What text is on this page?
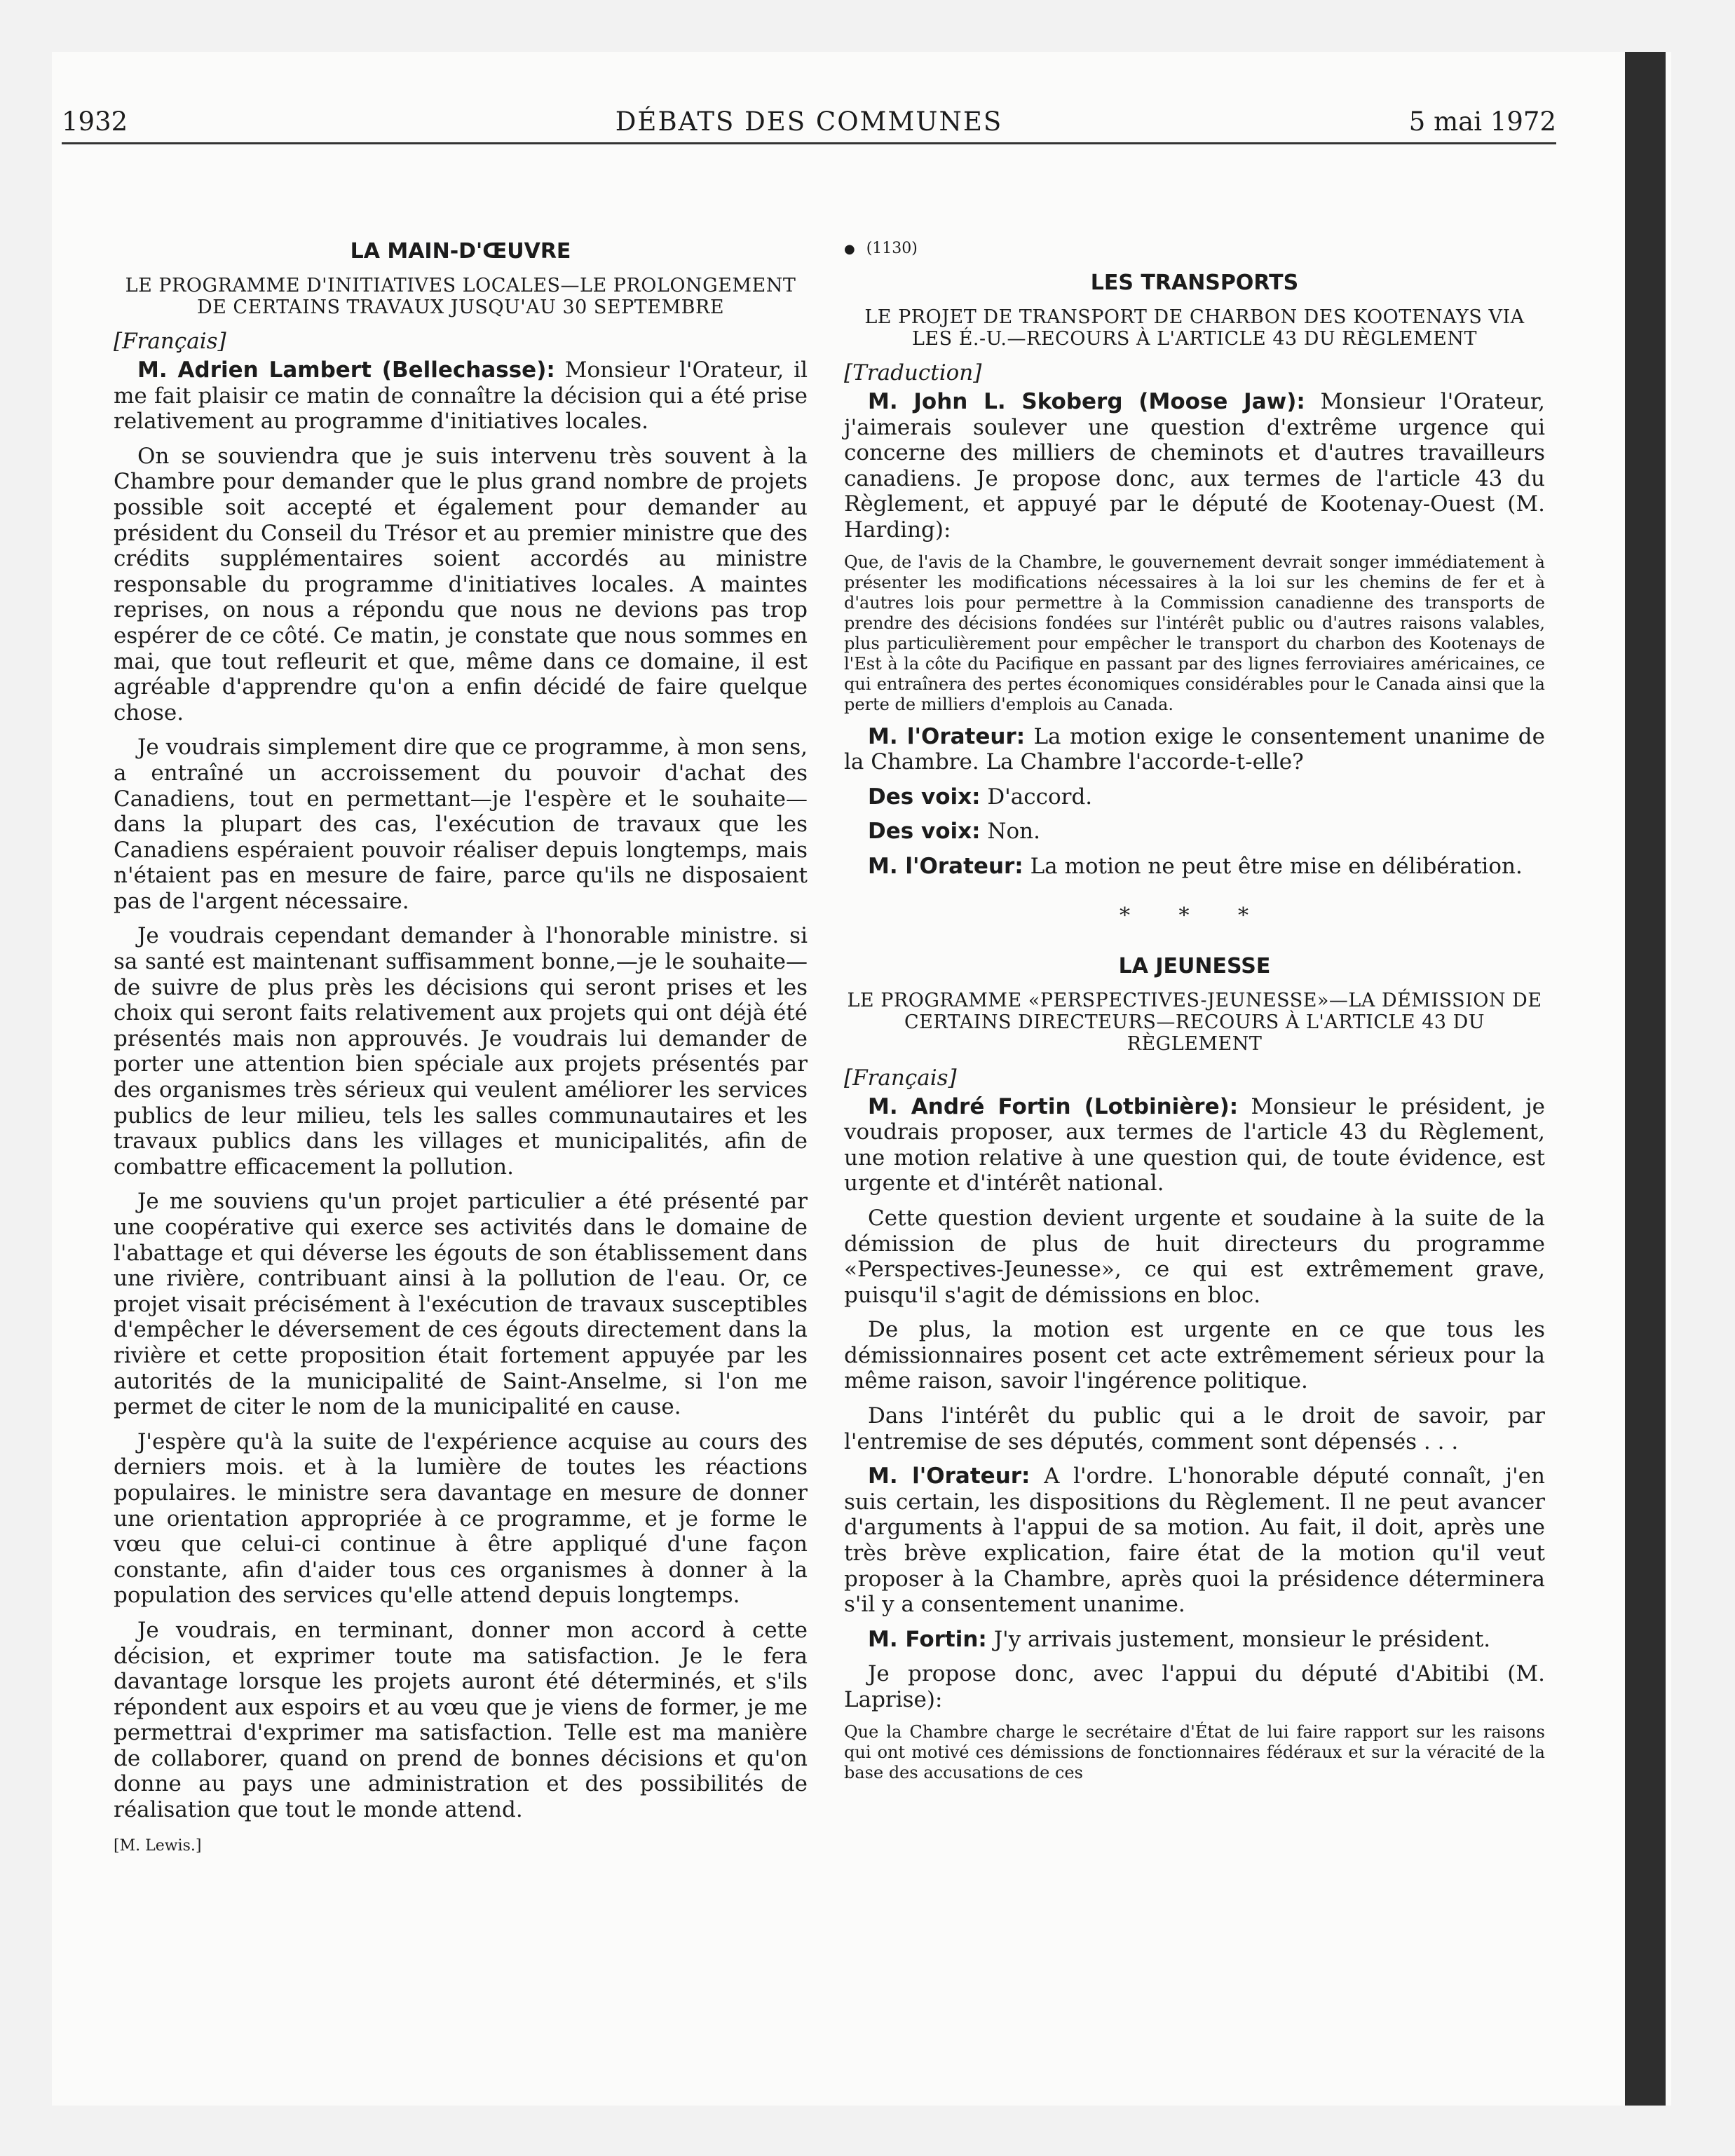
1932	DÉBATS DES COMMUNES	5 mai 1972
LA MAIN-D'ŒUVRE
LE PROGRAMME D'INITIATIVES LOCALES—LE PROLONGEMENT DE CERTAINS TRAVAUX JUSQU'AU 30 SEPTEMBRE
[Français]

M. Adrien Lambert (Bellechasse): Monsieur l'Orateur, il me fait plaisir ce matin de connaître la décision qui a été prise relativement au programme d'initiatives locales.

On se souviendra que je suis intervenu très souvent à la Chambre pour demander que le plus grand nombre de projets possible soit accepté et également pour demander au président du Conseil du Trésor et au premier ministre que des crédits supplémentaires soient accordés au ministre responsable du programme d'initiatives locales. A maintes reprises, on nous a répondu que nous ne devions pas trop espérer de ce côté. Ce matin, je constate que nous sommes en mai, que tout refleurit et que, même dans ce domaine, il est agréable d'apprendre qu'on a enfin décidé de faire quelque chose.

Je voudrais simplement dire que ce programme, à mon sens, a entraîné un accroissement du pouvoir d'achat des Canadiens, tout en permettant—je l'espère et le souhaite—dans la plupart des cas, l'exécution de travaux que les Canadiens espéraient pouvoir réaliser depuis longtemps, mais n'étaient pas en mesure de faire, parce qu'ils ne disposaient pas de l'argent nécessaire.

Je voudrais cependant demander à l'honorable ministre. si sa santé est maintenant suffisamment bonne,—je le souhaite—de suivre de plus près les décisions qui seront prises et les choix qui seront faits relativement aux projets qui ont déjà été présentés mais non approuvés. Je voudrais lui demander de porter une attention bien spéciale aux projets présentés par des organismes très sérieux qui veulent améliorer les services publics de leur milieu, tels les salles communautaires et les travaux publics dans les villages et municipalités, afin de combattre efficacement la pollution.

Je me souviens qu'un projet particulier a été présenté par une coopérative qui exerce ses activités dans le domaine de l'abattage et qui déverse les égouts de son établissement dans une rivière, contribuant ainsi à la pollution de l'eau. Or, ce projet visait précisément à l'exécution de travaux susceptibles d'empêcher le déversement de ces égouts directement dans la rivière et cette proposition était fortement appuyée par les autorités de la municipalité de Saint-Anselme, si l'on me permet de citer le nom de la municipalité en cause.

J'espère qu'à la suite de l'expérience acquise au cours des derniers mois. et à la lumière de toutes les réactions populaires. le ministre sera davantage en mesure de donner une orientation appropriée à ce programme, et je forme le vœu que celui-ci continue à être appliqué d'une façon constante, afin d'aider tous ces organismes à donner à la population des services qu'elle attend depuis longtemps.

Je voudrais, en terminant, donner mon accord à cette décision, et exprimer toute ma satisfaction. Je le fera davantage lorsque les projets auront été déterminés, et s'ils répondent aux espoirs et au vœu que je viens de former, je me permettrai d'exprimer ma satisfaction. Telle est ma manière de collaborer, quand on prend de bonnes décisions et qu'on donne au pays une administration et des possibilités de réalisation que tout le monde attend.

[M. Lewis.]

● (1130)
LES TRANSPORTS
LE PROJET DE TRANSPORT DE CHARBON DES KOOTENAYS VIA LES É.-U.—RECOURS À L'ARTICLE 43 DU RÈGLEMENT
[Traduction]

M. John L. Skoberg (Moose Jaw): Monsieur l'Orateur, j'aimerais soulever une question d'extrême urgence qui concerne des milliers de cheminots et d'autres travailleurs canadiens. Je propose donc, aux termes de l'article 43 du Règlement, et appuyé par le député de Kootenay-Ouest (M. Harding):

Que, de l'avis de la Chambre, le gouvernement devrait songer immédiatement à présenter les modifications nécessaires à la loi sur les chemins de fer et à d'autres lois pour permettre à la Commission canadienne des transports de prendre des décisions fondées sur l'intérêt public ou d'autres raisons valables, plus particulièrement pour empêcher le transport du charbon des Kootenays de l'Est à la côte du Pacifique en passant par des lignes ferroviaires américaines, ce qui entraînera des pertes économiques considérables pour le Canada ainsi que la perte de milliers d'emplois au Canada.

M. l'Orateur: La motion exige le consentement unanime de la Chambre. La Chambre l'accorde-t-elle?

Des voix: D'accord.

Des voix: Non.

M. l'Orateur: La motion ne peut être mise en délibération.

* * *
LA JEUNESSE
LE PROGRAMME «PERSPECTIVES-JEUNESSE»—LA DÉMISSION DE CERTAINS DIRECTEURS—RECOURS À L'ARTICLE 43 DU RÈGLEMENT
[Français]

M. André Fortin (Lotbinière): Monsieur le président, je voudrais proposer, aux termes de l'article 43 du Règlement, une motion relative à une question qui, de toute évidence, est urgente et d'intérêt national.

Cette question devient urgente et soudaine à la suite de la démission de plus de huit directeurs du programme «Perspectives-Jeunesse», ce qui est extrêmement grave, puisqu'il s'agit de démissions en bloc.

De plus, la motion est urgente en ce que tous les démissionnaires posent cet acte extrêmement sérieux pour la même raison, savoir l'ingérence politique.

Dans l'intérêt du public qui a le droit de savoir, par l'entremise de ses députés, comment sont dépensés . . .

M. l'Orateur: A l'ordre. L'honorable député connaît, j'en suis certain, les dispositions du Règlement. Il ne peut avancer d'arguments à l'appui de sa motion. Au fait, il doit, après une très brève explication, faire état de la motion qu'il veut proposer à la Chambre, après quoi la présidence déterminera s'il y a consentement unanime.

M. Fortin: J'y arrivais justement, monsieur le président.

Je propose donc, avec l'appui du député d'Abitibi (M. Laprise):

Que la Chambre charge le secrétaire d'État de lui faire rapport sur les raisons qui ont motivé ces démissions de fonctionnaires fédéraux et sur la véracité de la base des accusations de ces
